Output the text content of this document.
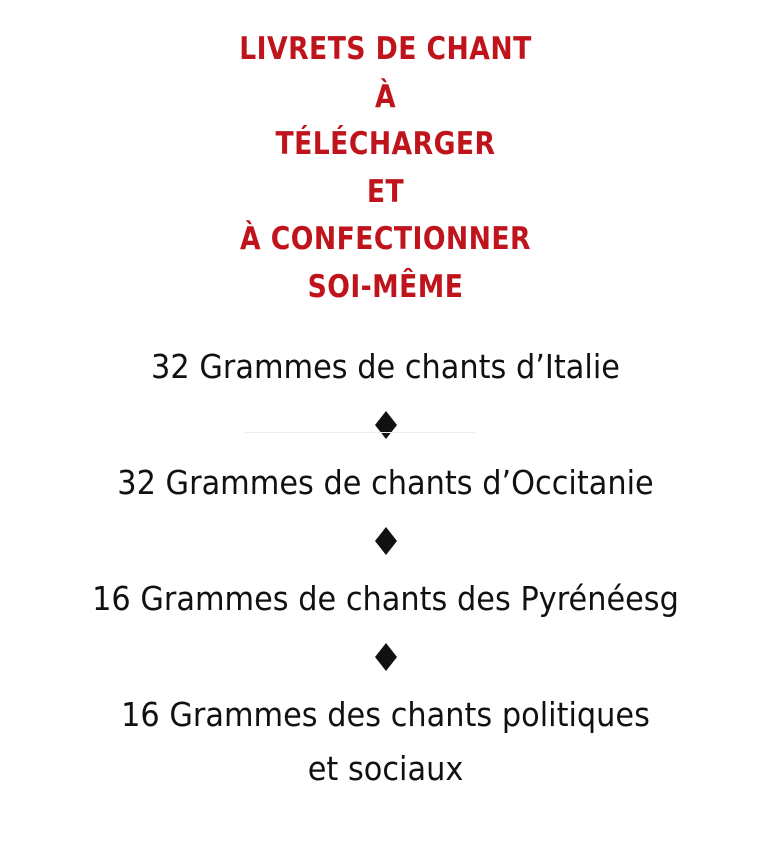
LIVRETS DE CHANT
À
TÉLÉCHARGER
ET
À CONFECTIONNER
SOI-MÊME
32 Grammes de chants d’Italie
32 Grammes de chants d’Occitanie
16 Grammes de chants des Pyrénéesg
16 Grammes des chants politiques
et sociaux
